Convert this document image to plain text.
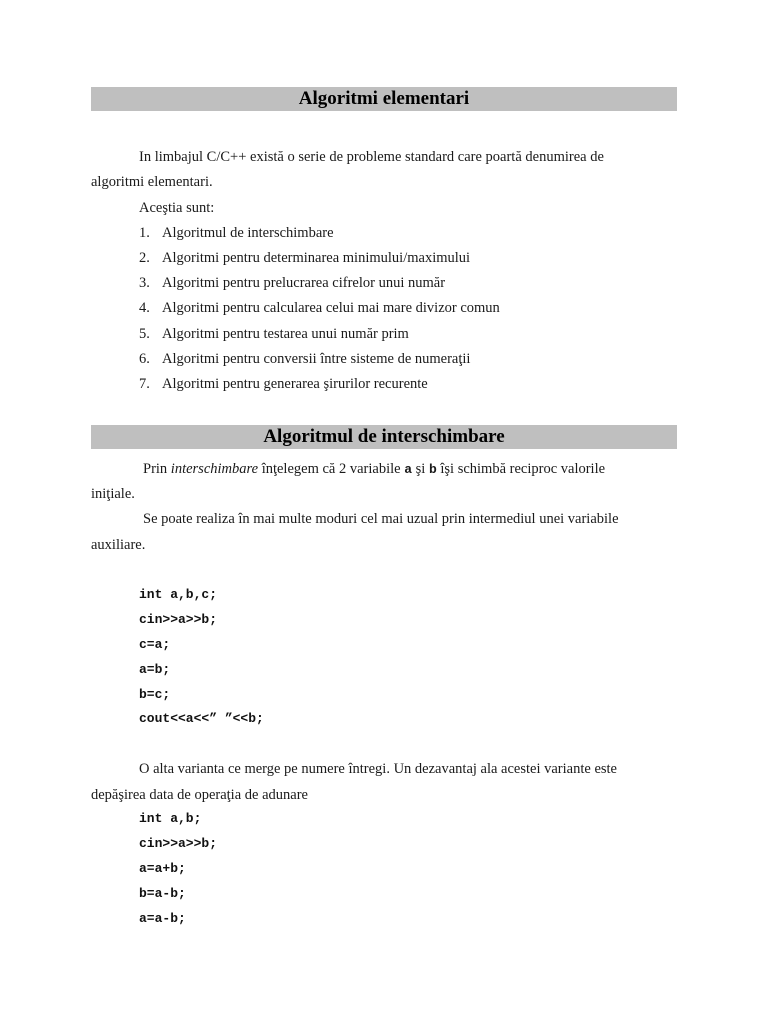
Algoritmi elementari
In limbajul C/C++ există o serie de probleme standard care poartă denumirea de
algoritmi elementari.
Aceştia sunt:
1. Algoritmul de interschimbare
2. Algoritmi pentru determinarea minimului/maximului
3. Algoritmi pentru prelucrarea cifrelor unui număr
4. Algoritmi pentru calcularea celui mai mare divizor comun
5. Algoritmi pentru testarea unui număr prim
6. Algoritmi pentru conversii între sisteme de numeraţii
7. Algoritmi pentru generarea şirurilor recurente
Algoritmul de interschimbare
Prin interschimbare înţelegem că 2 variabile a şi b îşi schimbă reciproc valorile
iniţiale.
Se poate realiza în mai multe moduri cel mai uzual prin intermediul unei variabile
auxiliare.
int a,b,c;
cin>>a>>b;
c=a;
a=b;
b=c;
cout<<a<<” ”<<b;
O alta varianta ce merge pe numere întregi. Un dezavantaj ala acestei variante este
depăşirea data de operaţia de adunare
int a,b;
cin>>a>>b;
a=a+b;
b=a-b;
a=a-b;
